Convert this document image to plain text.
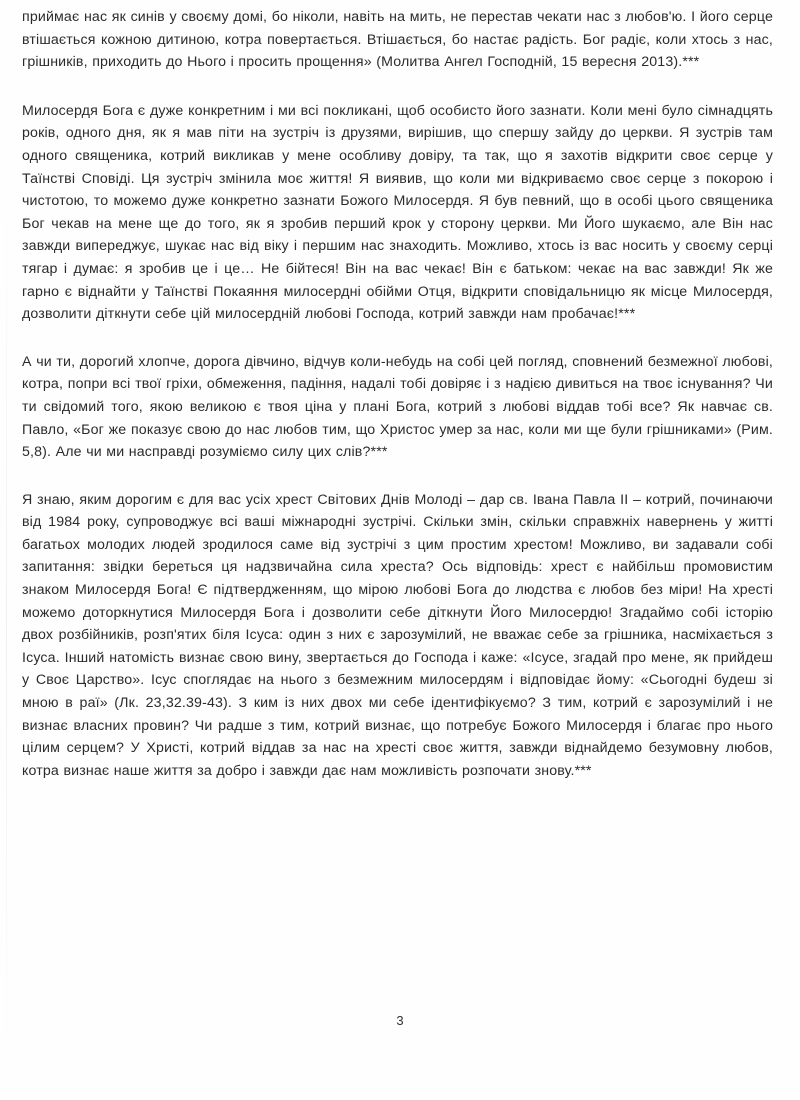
приймає нас як синів у своєму домі, бо ніколи, навіть на мить, не перестав чекати нас з любов'ю. І його серце втішається кожною дитиною, котра повертається. Втішається, бо настає радість. Бог радіє, коли хтось з нас, грішників, приходить до Нього і просить прощення» (Молитва Ангел Господній, 15 вересня 2013).***

Милосердя Бога є дуже конкретним і ми всі покликані, щоб особисто його зазнати. Коли мені було сімнадцять років, одного дня, як я мав піти на зустріч із друзями, вирішив, що спершу зайду до церкви. Я зустрів там одного священика, котрий викликав у мене особливу довіру, та так, що я захотів відкрити своє серце у Таїнстві Сповіді. Ця зустріч змінила моє життя! Я виявив, що коли ми відкриваємо своє серце з покорою і чистотою, то можемо дуже конкретно зазнати Божого Милосердя. Я був певний, що в особі цього священика Бог чекав на мене ще до того, як я зробив перший крок у сторону церкви. Ми Його шукаємо, але Він нас завжди випереджує, шукає нас від віку і першим нас знаходить. Можливо, хтось із вас носить у своєму серці тягар і думає: я зробив це і це… Не бійтеся! Він на вас чекає! Він є батьком: чекає на вас завжди! Як же гарно є віднайти у Таїнстві Покаяння милосердні обійми Отця, відкрити сповідальницю як місце Милосердя, дозволити діткнути себе цій милосердній любові Господа, котрий завжди нам пробачає!***

А чи ти, дорогий хлопче, дорога дівчино, відчув коли-небудь на собі цей погляд, сповнений безмежної любові, котра, попри всі твої гріхи, обмеження, падіння, надалі тобі довіряє і з надією дивиться на твоє існування? Чи ти свідомий того, якою великою є твоя ціна у плані Бога, котрий з любові віддав тобі все? Як навчає св. Павло, «Бог же показує свою до нас любов тим, що Христос умер за нас, коли ми ще були грішниками» (Рим. 5,8). Але чи ми насправді розуміємо силу цих слів?***

Я знаю, яким дорогим є для вас усіх хрест Світових Днів Молоді – дар св. Івана Павла ІІ – котрий, починаючи від 1984 року, супроводжує всі ваші міжнародні зустрічі. Скільки змін, скільки справжніх навернень у житті багатьох молодих людей зродилося саме від зустрічі з цим простим хрестом! Можливо, ви задавали собі запитання: звідки береться ця надзвичайна сила хреста? Ось відповідь: хрест є найбільш промовистим знаком Милосердя Бога! Є підтвердженням, що мірою любові Бога до людства є любов без міри! На хресті можемо доторкнутися Милосердя Бога і дозволити себе діткнути Його Милосердю! Згадаймо собі історію двох розбійників, розп'ятих біля Ісуса: один з них є зарозумілий, не вважає себе за грішника, насміхається з Ісуса. Інший натомість визнає свою вину, звертається до Господа і каже: «Ісусе, згадай про мене, як прийдеш у Своє Царство». Ісус споглядає на нього з безмежним милосердям і відповідає йому: «Сьогодні будеш зі мною в раї» (Лк. 23,32.39-43). З ким із них двох ми себе ідентифікуємо? З тим, котрий є зарозумілий і не визнає власних провин? Чи радше з тим, котрий визнає, що потребує Божого Милосердя і благає про нього цілим серцем? У Христі, котрий віддав за нас на хресті своє життя, завжди віднайдемо безумовну любов, котра визнає наше життя за добро і завжди дає нам можливість розпочати знову.***

3
